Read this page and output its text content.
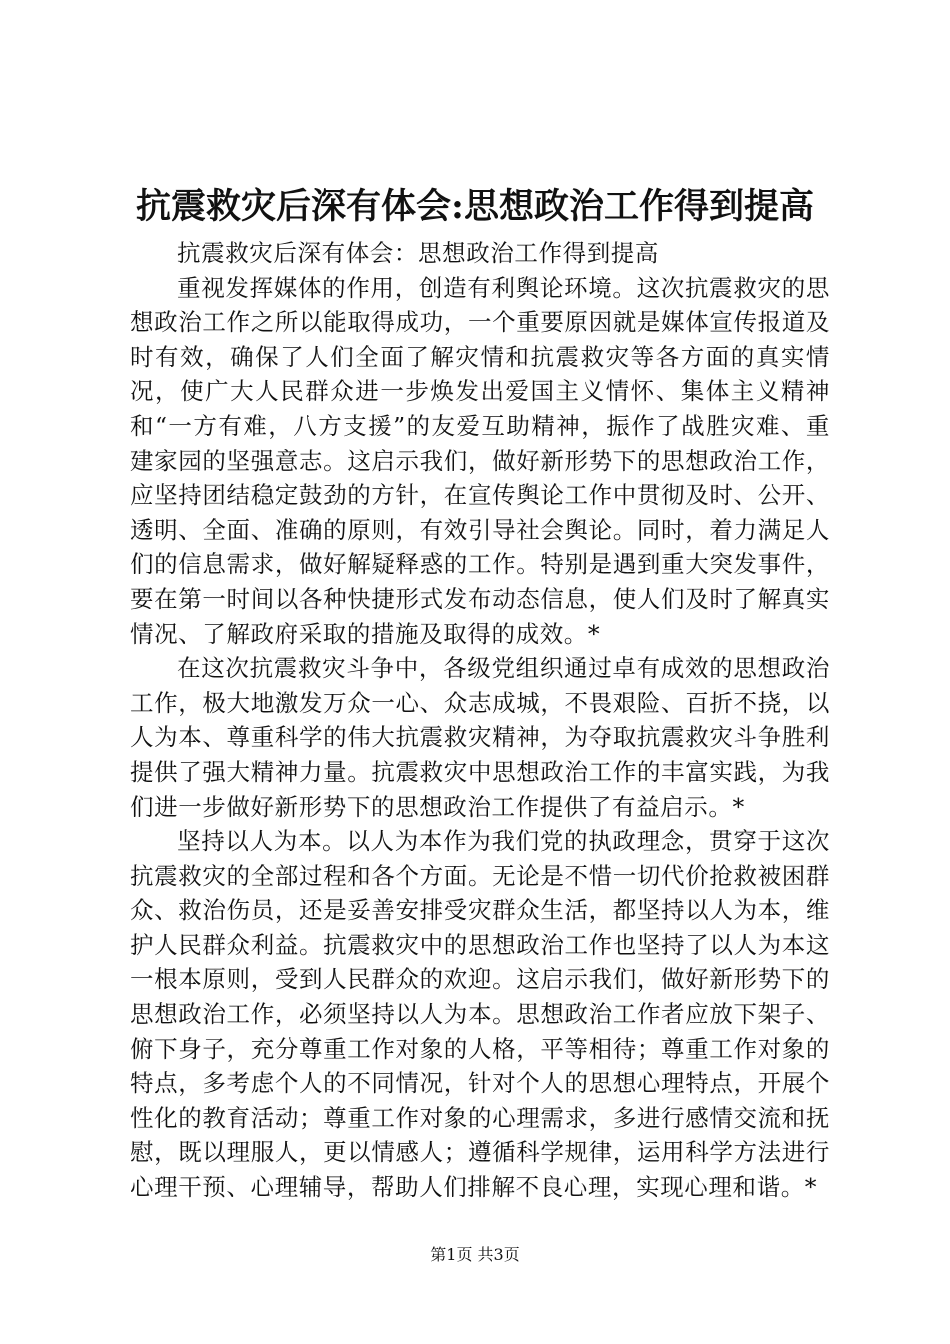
抗震救灾后深有体会:思想政治工作得到提高

抗震救灾后深有体会：思想政治工作得到提高

重视发挥媒体的作用，创造有利舆论环境。这次抗震救灾的思想政治工作之所以能取得成功，一个重要原因就是媒体宣传报道及时有效，确保了人们全面了解灾情和抗震救灾等各方面的真实情况，使广大人民群众进一步焕发出爱国主义情怀、集体主义精神和“一方有难，八方支援”的友爱互助精神，振作了战胜灾难、重建家园的坚强意志。这启示我们，做好新形势下的思想政治工作，应坚持团结稳定鼓劲的方针，在宣传舆论工作中贯彻及时、公开、透明、全面、准确的原则，有效引导社会舆论。同时，着力满足人们的信息需求，做好解疑释惑的工作。特别是遇到重大突发事件，要在第一时间以各种快捷形式发布动态信息，使人们及时了解真实情况、了解政府采取的措施及取得的成效。*

在这次抗震救灾斗争中，各级党组织通过卓有成效的思想政治工作，极大地激发万众一心、众志成城，不畏艰险、百折不挠，以人为本、尊重科学的伟大抗震救灾精神，为夺取抗震救灾斗争胜利提供了强大精神力量。抗震救灾中思想政治工作的丰富实践，为我们进一步做好新形势下的思想政治工作提供了有益启示。*

坚持以人为本。以人为本作为我们党的执政理念，贯穿于这次抗震救灾的全部过程和各个方面。无论是不惜一切代价抢救被困群众、救治伤员，还是妥善安排受灾群众生活，都坚持以人为本，维护人民群众利益。抗震救灾中的思想政治工作也坚持了以人为本这一根本原则，受到人民群众的欢迎。这启示我们，做好新形势下的思想政治工作，必须坚持以人为本。思想政治工作者应放下架子、俯下身子，充分尊重工作对象的人格，平等相待；尊重工作对象的特点，多考虑个人的不同情况，针对个人的思想心理特点，开展个性化的教育活动；尊重工作对象的心理需求，多进行感情交流和抚慰，既以理服人，更以情感人；遵循科学规律，运用科学方法进行心理干预、心理辅导，帮助人们排解不良心理，实现心理和谐。*

第1页 共3页
